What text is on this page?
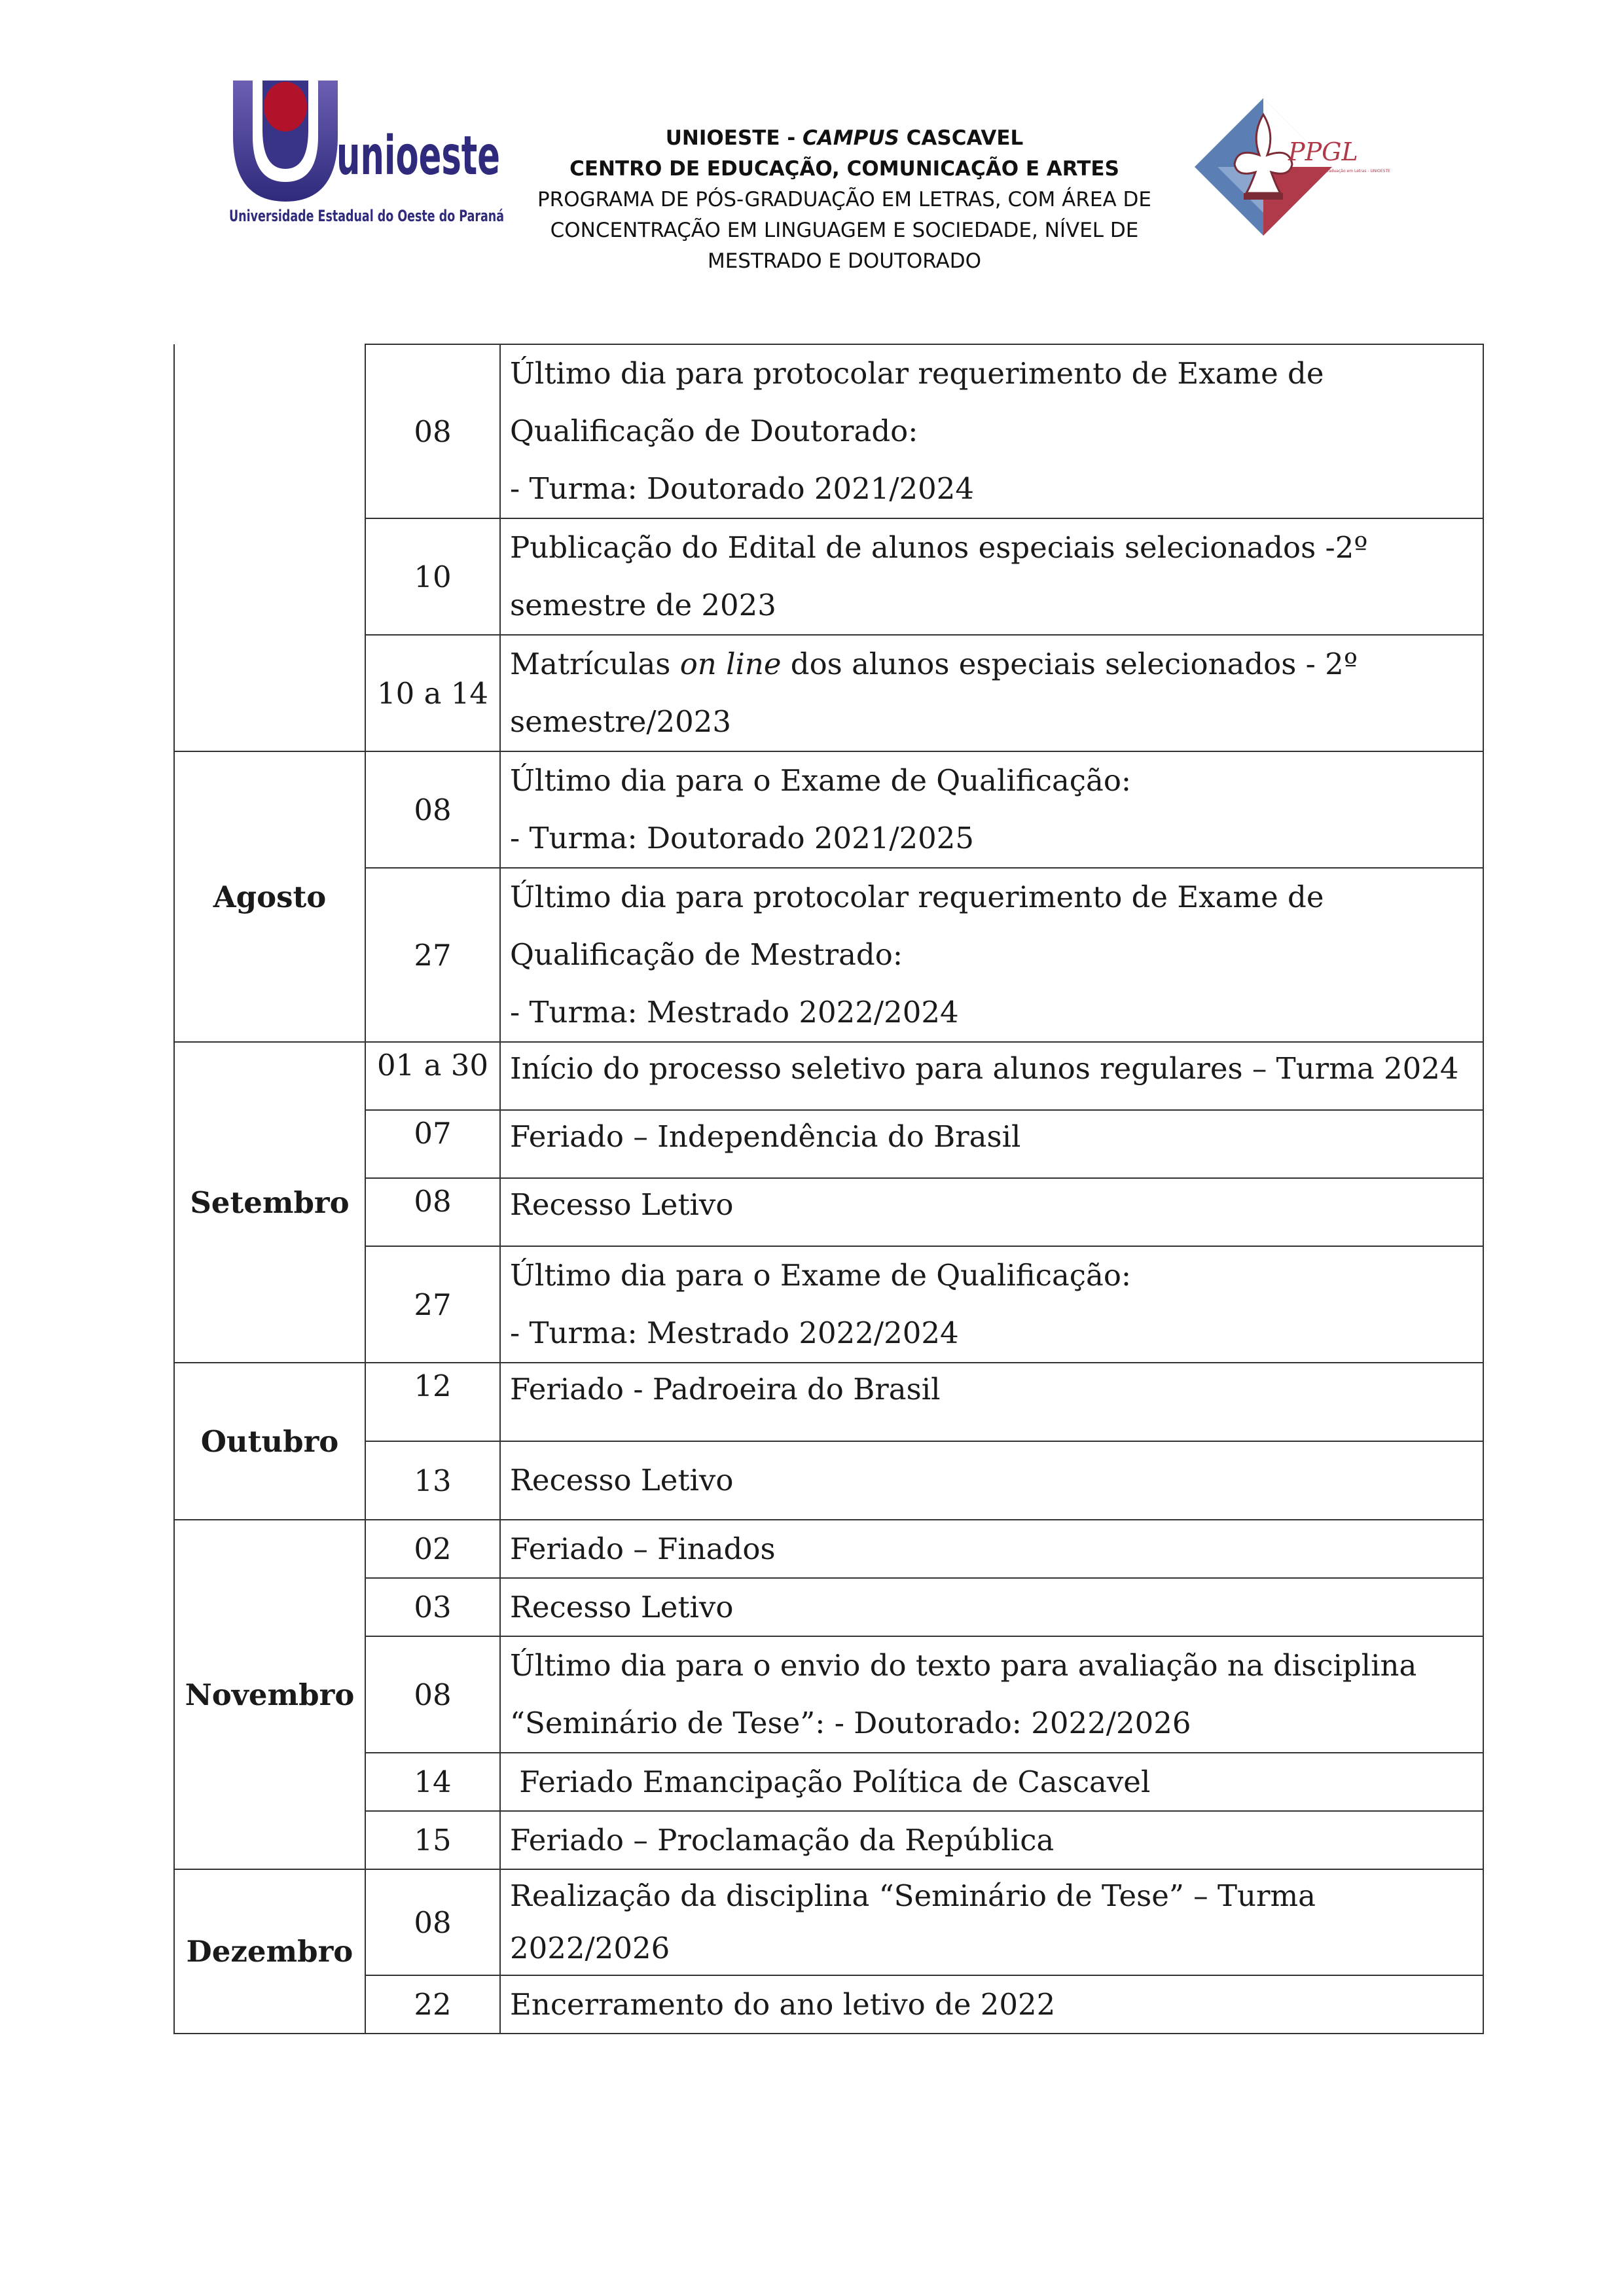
unioeste
Universidade Estadual do Oeste do Paraná
UNIOESTE - CAMPUS CASCAVEL
CENTRO DE EDUCAÇÃO, COMUNICAÇÃO E ARTES
PROGRAMA DE PÓS-GRADUAÇÃO EM LETRAS, COM ÁREA DE
CONCENTRAÇÃO EM LINGUAGEM E SOCIEDADE, NÍVEL DE
MESTRADO E DOUTORADO
PPGL
Programa de Pós-Graduação em Letras - UNIOESTE
	08	Último dia para protocolar requerimento de Exame de Qualificação de Doutorado:
- Turma: Doutorado 2021/2024

	10	Publicação do Edital de alunos especiais selecionados -2º semestre de 2023
	10 a 14	Matrículas on line dos alunos especiais selecionados - 2º semestre/2023
Agosto	08	Último dia para o Exame de Qualificação:
- Turma: Doutorado 2021/2025

	27	Último dia para protocolar requerimento de Exame de Qualificação de Mestrado:
- Turma: Mestrado 2022/2024

Setembro	01 a 30	Início do processo seletivo para alunos regulares – Turma 2024
	07	Feriado – Independência do Brasil
	08	Recesso Letivo
	27	Último dia para o Exame de Qualificação:
- Turma: Mestrado 2022/2024

Outubro	12	Feriado - Padroeira do Brasil
	13	Recesso Letivo
Novembro	02	Feriado – Finados
	03	Recesso Letivo
	08	Último dia para o envio do texto para avaliação na disciplina “Seminário de Tese”: - Doutorado: 2022/2026
	14	Feriado Emancipação Política de Cascavel
	15	Feriado – Proclamação da República
Dezembro	08	Realização da disciplina “Seminário de Tese” – Turma 2022/2026
	22	Encerramento do ano letivo de 2022
